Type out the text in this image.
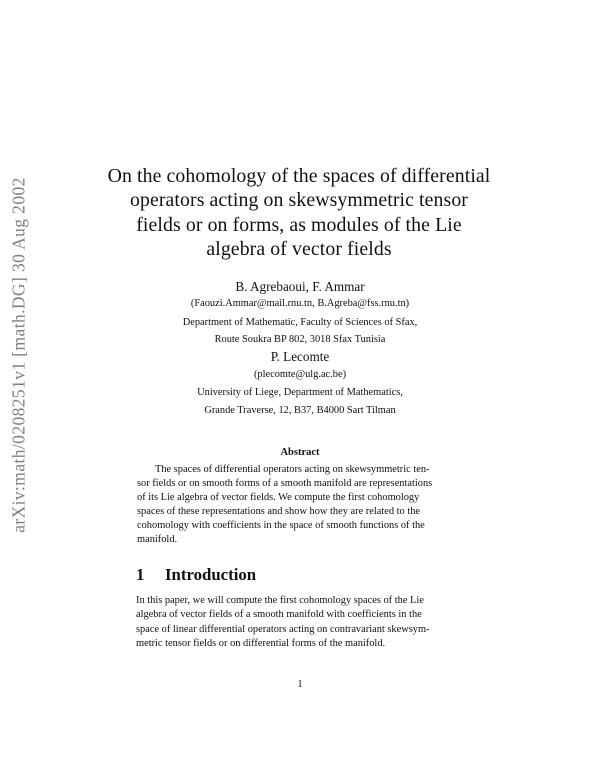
arXiv:math/0208251v1 [math.DG] 30 Aug 2002
On the cohomology of the spaces of differential
operators acting on skewsymmetric tensor
fields or on forms, as modules of the Lie
algebra of vector fields
B. Agrebaoui, F. Ammar
(Faouzi.Ammar@mail.rnu.tn, B.Agreba@fss.rnu.tn)
Department of Mathematic, Faculty of Sciences of Sfax,
Route Soukra BP 802, 3018 Sfax Tunisia
P. Lecomte
(plecomte@ulg.ac.be)
University of Liege, Department of Mathematics,
Grande Traverse, 12, B37, B4000 Sart Tilman
Abstract
The spaces of differential operators acting on skewsymmetric ten-
sor fields or on smooth forms of a smooth manifold are representations
of its Lie algebra of vector fields. We compute the first cohomology
spaces of these representations and show how they are related to the
cohomology with coefficients in the space of smooth functions of the
manifold.
1 Introduction
In this paper, we will compute the first cohomology spaces of the Lie
algebra of vector fields of a smooth manifold with coefficients in the
space of linear differential operators acting on contravariant skewsym-
metric tensor fields or on differential forms of the manifold.
1
